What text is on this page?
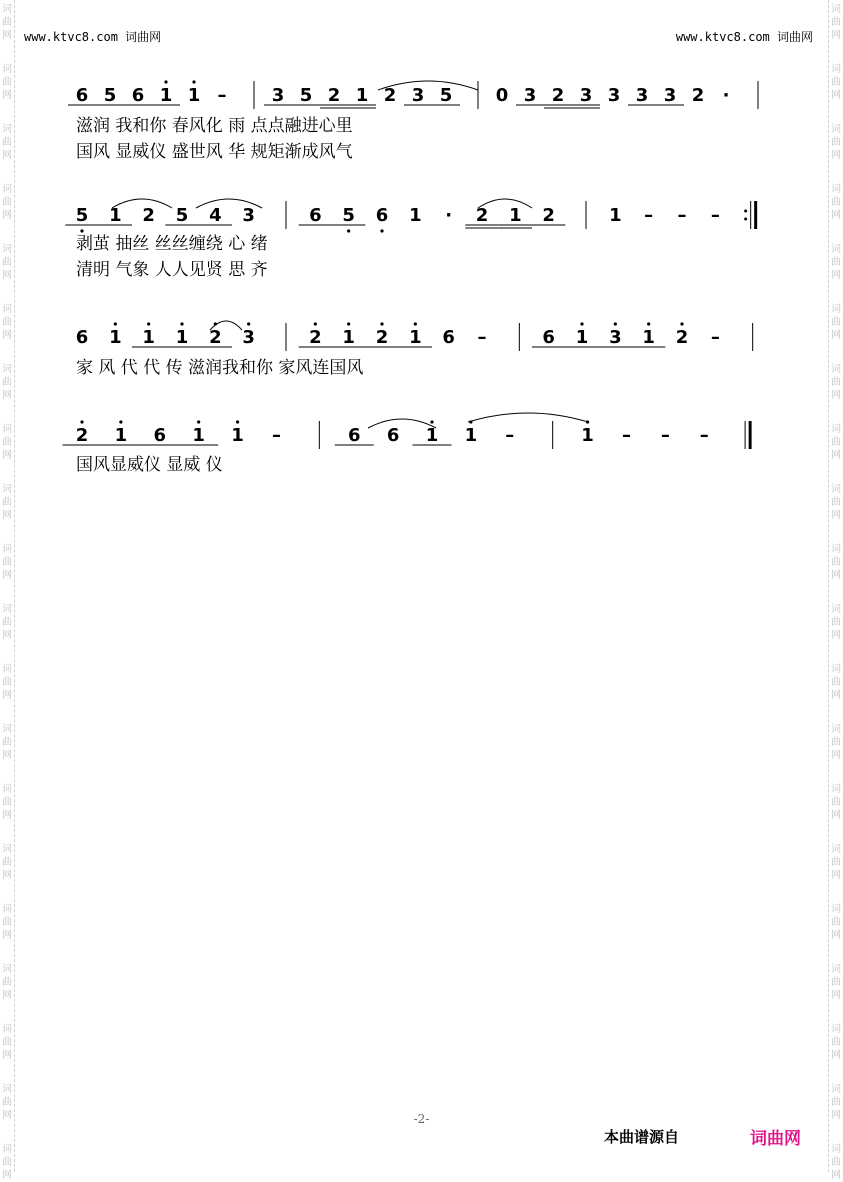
词
曲
网
词
曲
网
词
曲
网
词
曲
网
词
曲
网
词
曲
网
词
曲
网
词
曲
网
词
曲
网
词
曲
网
词
曲
网
词
曲
网
词
曲
网
词
曲
网
词
曲
网
词
曲
网
词
曲
网
词
曲
网
词
曲
网
词
曲
网
词
曲
网
词
曲
网
词
曲
网
词
曲
网
词
曲
网
词
曲
网
词
曲
网
词
曲
网
词
曲
网
词
曲
网
词
曲
网
词
曲
网
词
曲
网
词
曲
网
词
曲
网
词
曲
网
词
曲
网
词
曲
网
词
曲
网
词
曲
网
www.ktvc8.com 词曲网	www.ktvc8.com 词曲网
6 5 6 1 1 –	3 5 2 1 2 3 5 0 3 2 3 3 3 3 2 ·
滋润 我和你 春风化 雨 点点融进心里
国风 显威仪 盛世风 华 规矩渐成风气
5 1 2 5 4 3	6 5 6 1 · 2 1 2	1 – – –
剥茧 抽丝 丝丝缠绕 心 绪
清明 气象 人人见贤 思 齐
6 1 1 1 2 3	2 1 2 1 6 –	6 1 3 1 2 –
家 风 代 代 传 滋润我和你 家风连国风
2 1 6 1 1 –	6 6 1 1 –	1 – – –
国风显威仪 显威 仪
-2-
本曲谱源自	词曲网
